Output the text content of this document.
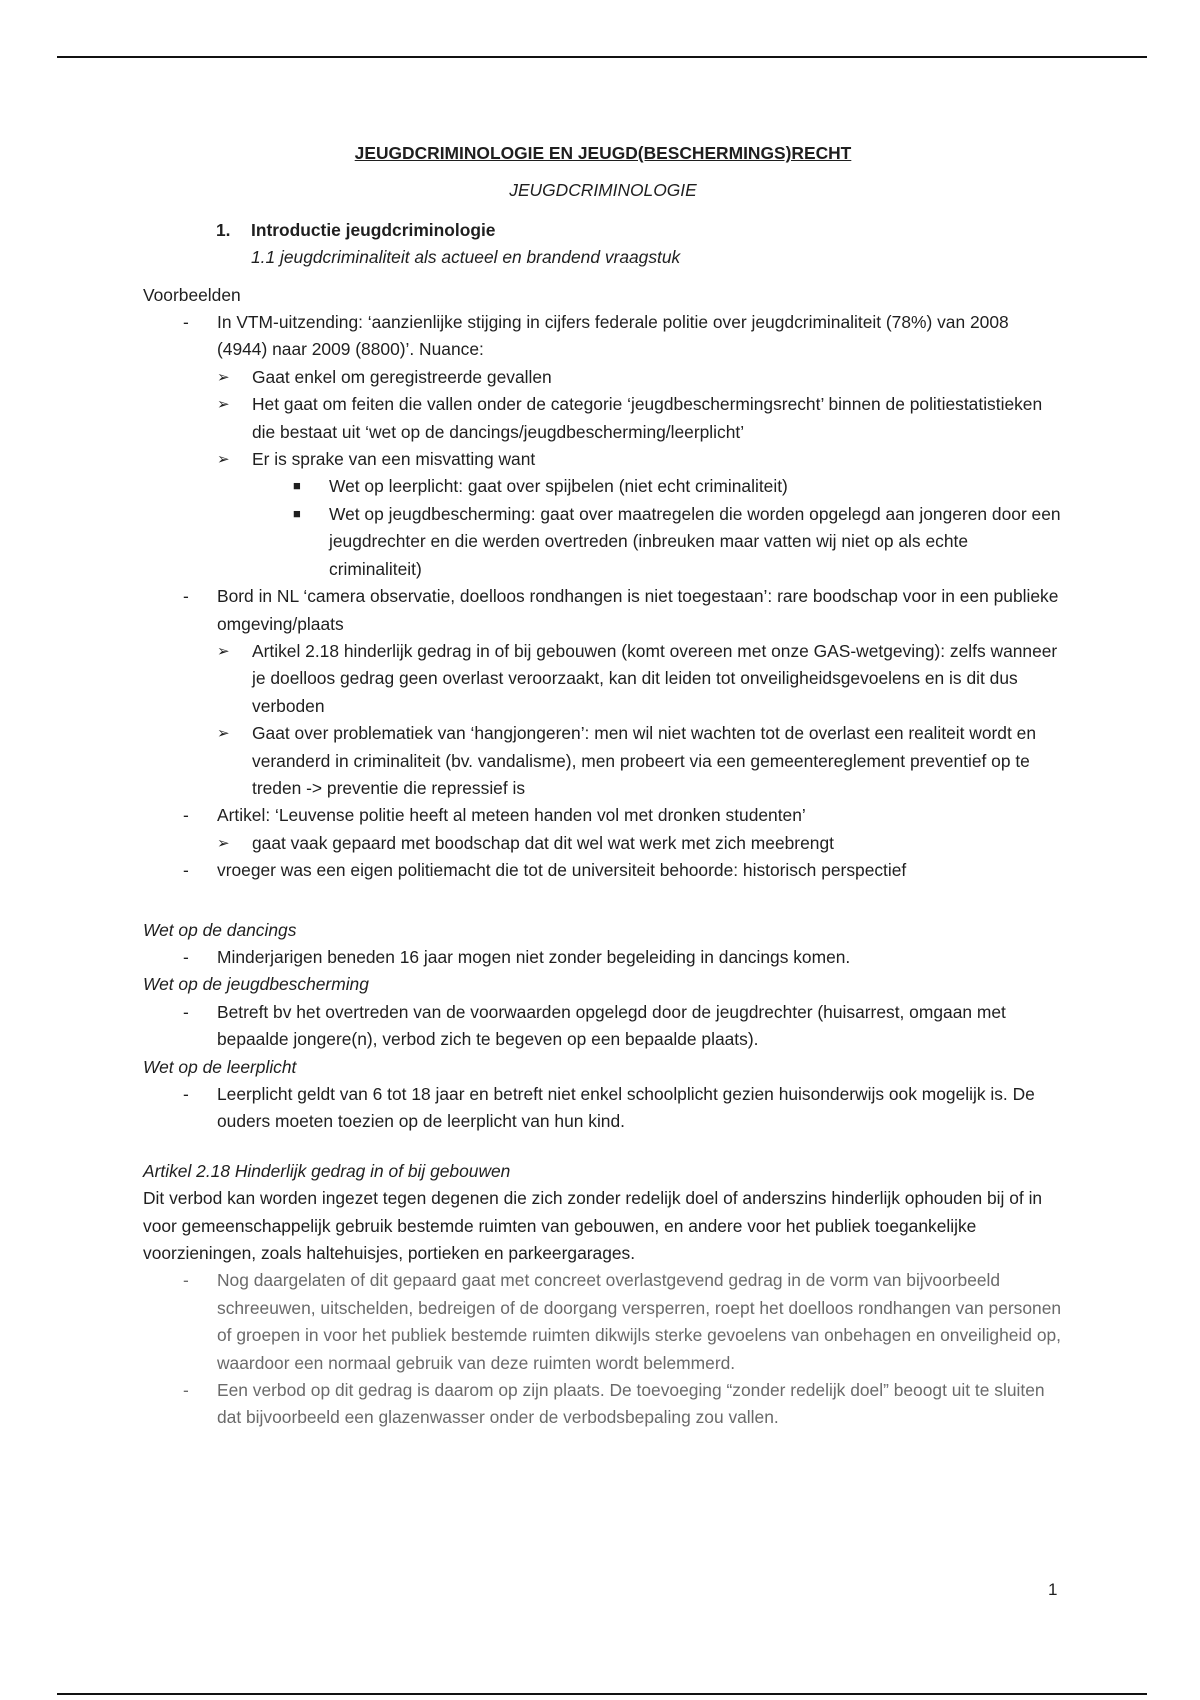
JEUGDCRIMINOLOGIE EN JEUGD(BESCHERMINGS)RECHT
JEUGDCRIMINOLOGIE
1.	Introductie jeugdcriminologie
1.1 jeugdcriminaliteit als actueel en brandend vraagstuk
Voorbeelden
- In VTM-uitzending: ‘aanzienlijke stijging in cijfers federale politie over jeugdcriminaliteit (78%) van 2008 (4944) naar 2009 (8800)’. Nuance:
➢ Gaat enkel om geregistreerde gevallen
➢ Het gaat om feiten die vallen onder de categorie ‘jeugdbeschermingsrecht’ binnen de politiestatistieken die bestaat uit ‘wet op de dancings/jeugdbescherming/leerplicht’
➢ Er is sprake van een misvatting want
■ Wet op leerplicht: gaat over spijbelen (niet echt criminaliteit)
■ Wet op jeugdbescherming: gaat over maatregelen die worden opgelegd aan jongeren door een jeugdrechter en die werden overtreden (inbreuken maar vatten wij niet op als echte criminaliteit)
- Bord in NL ‘camera observatie, doelloos rondhangen is niet toegestaan’: rare boodschap voor in een publieke omgeving/plaats
➢ Artikel 2.18 hinderlijk gedrag in of bij gebouwen (komt overeen met onze GAS-wetgeving): zelfs wanneer je doelloos gedrag geen overlast veroorzaakt, kan dit leiden tot onveiligheidsgevoelens en is dit dus verboden
➢ Gaat over problematiek van ‘hangjongeren’: men wil niet wachten tot de overlast een realiteit wordt en veranderd in criminaliteit (bv. vandalisme), men probeert via een gemeentereglement preventief op te treden -> preventie die repressief is
- Artikel: ‘Leuvense politie heeft al meteen handen vol met dronken studenten’
➢ gaat vaak gepaard met boodschap dat dit wel wat werk met zich meebrengt
- vroeger was een eigen politiemacht die tot de universiteit behoorde: historisch perspectief
Wet op de dancings
- Minderjarigen beneden 16 jaar mogen niet zonder begeleiding in dancings komen.
Wet op de jeugdbescherming
- Betreft bv het overtreden van de voorwaarden opgelegd door de jeugdrechter (huisarrest, omgaan met bepaalde jongere(n), verbod zich te begeven op een bepaalde plaats).
Wet op de leerplicht
- Leerplicht geldt van 6 tot 18 jaar en betreft niet enkel schoolplicht gezien huisonderwijs ook mogelijk is. De ouders moeten toezien op de leerplicht van hun kind.
Artikel 2.18 Hinderlijk gedrag in of bij gebouwen
Dit verbod kan worden ingezet tegen degenen die zich zonder redelijk doel of anderszins hinderlijk ophouden bij of in voor gemeenschappelijk gebruik bestemde ruimten van gebouwen, en andere voor het publiek toegankelijke voorzieningen, zoals haltehuisjes, portieken en parkeergarages.
- Nog daargelaten of dit gepaard gaat met concreet overlastgevend gedrag in de vorm van bijvoorbeeld schreeuwen, uitschelden, bedreigen of de doorgang versperren, roept het doelloos rondhangen van personen of groepen in voor het publiek bestemde ruimten dikwijls sterke gevoelens van onbehagen en onveiligheid op, waardoor een normaal gebruik van deze ruimten wordt belemmerd.
- Een verbod op dit gedrag is daarom op zijn plaats. De toevoeging “zonder redelijk doel” beoogt uit te sluiten dat bijvoorbeeld een glazenwasser onder de verbodsbepaling zou vallen.
1
